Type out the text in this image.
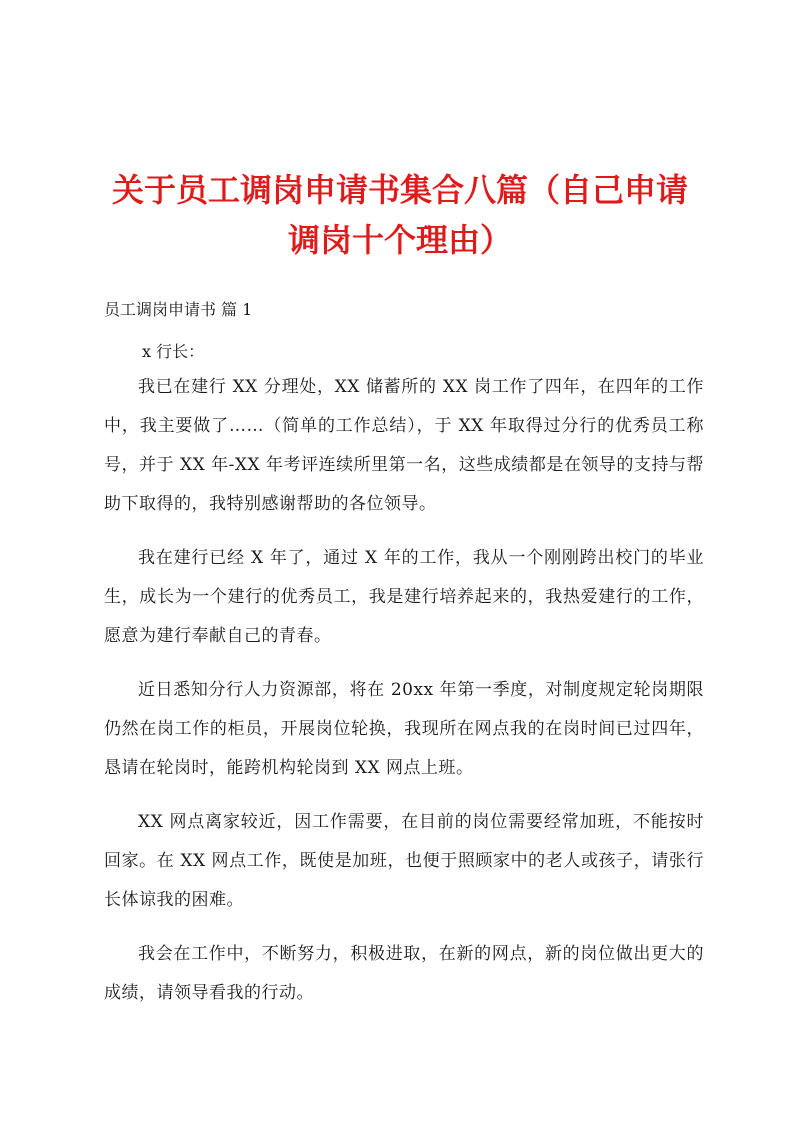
关于员工调岗申请书集合八篇（自己申请调岗十个理由）

员工调岗申请书 篇 1

x 行长：

我已在建行 XX 分理处，XX 储蓄所的 XX 岗工作了四年，在四年的工作中，我主要做了……（简单的工作总结），于 XX 年取得过分行的优秀员工称号，并于 XX 年-XX 年考评连续所里第一名，这些成绩都是在领导的支持与帮助下取得的，我特别感谢帮助的各位领导。

我在建行已经 X 年了，通过 X 年的工作，我从一个刚刚跨出校门的毕业生，成长为一个建行的优秀员工，我是建行培养起来的，我热爱建行的工作，愿意为建行奉献自己的青春。

近日悉知分行人力资源部，将在 20xx 年第一季度，对制度规定轮岗期限仍然在岗工作的柜员，开展岗位轮换，我现所在网点我的在岗时间已过四年，恳请在轮岗时，能跨机构轮岗到 XX 网点上班。

XX 网点离家较近，因工作需要，在目前的岗位需要经常加班，不能按时回家。在 XX 网点工作，既使是加班，也便于照顾家中的老人或孩子，请张行长体谅我的困难。

我会在工作中，不断努力，积极进取，在新的网点，新的岗位做出更大的成绩，请领导看我的行动。
